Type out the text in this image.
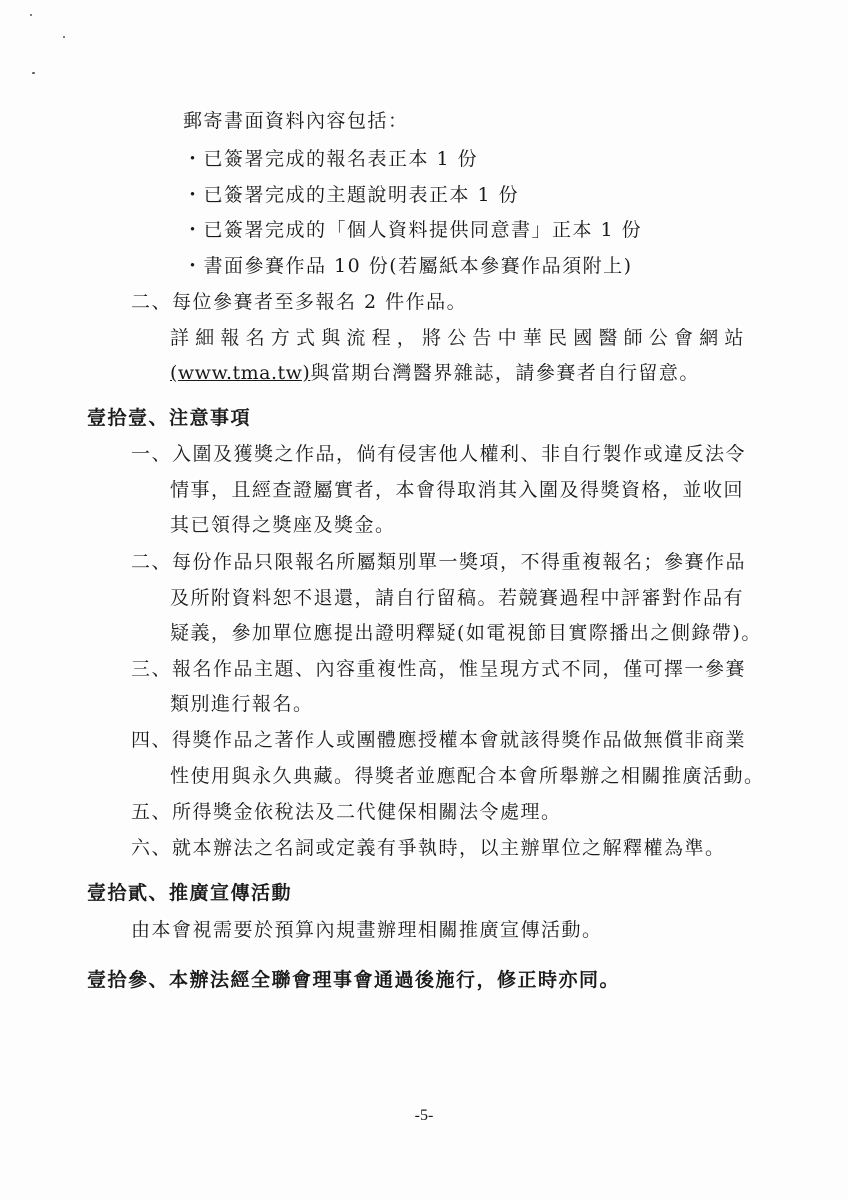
郵寄書面資料內容包括：
・已簽署完成的報名表正本 1 份
・已簽署完成的主題說明表正本 1 份
・已簽署完成的「個人資料提供同意書」正本 1 份
・書面參賽作品 10 份(若屬紙本參賽作品須附上)
二、每位參賽者至多報名 2 件作品。
詳細報名方式與流程，將公告中華民國醫師公會網站
(www.tma.tw)與當期台灣醫界雜誌，請參賽者自行留意。
壹拾壹、注意事項
一、入圍及獲獎之作品，倘有侵害他人權利、非自行製作或違反法令
情事，且經查證屬實者，本會得取消其入圍及得獎資格，並收回
其已領得之獎座及獎金。
二、每份作品只限報名所屬類別單一獎項，不得重複報名；參賽作品
及所附資料恕不退還，請自行留稿。若競賽過程中評審對作品有
疑義，參加單位應提出證明釋疑(如電視節目實際播出之側錄帶)。
三、報名作品主題、內容重複性高，惟呈現方式不同，僅可擇一參賽
類別進行報名。
四、得獎作品之著作人或團體應授權本會就該得獎作品做無償非商業
性使用與永久典藏。得獎者並應配合本會所舉辦之相關推廣活動。
五、所得獎金依稅法及二代健保相關法令處理。
六、就本辦法之名詞或定義有爭執時，以主辦單位之解釋權為準。
壹拾貳、推廣宣傳活動
由本會視需要於預算內規畫辦理相關推廣宣傳活動。
壹拾參、本辦法經全聯會理事會通過後施行，修正時亦同。
-5-
